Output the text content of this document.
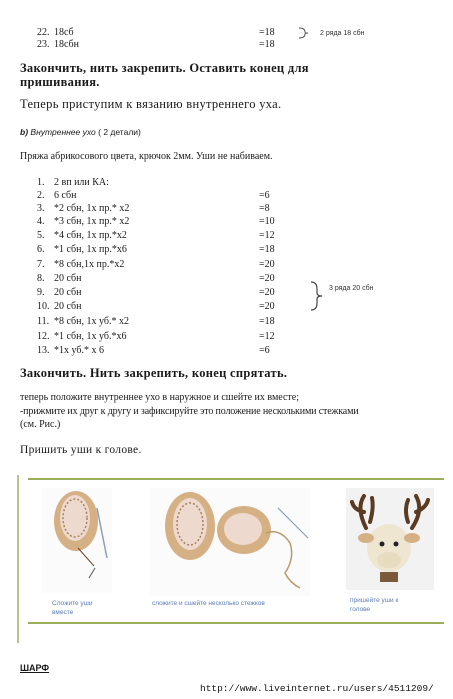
22. 18сб	=18
23. 18сбн	=18
2 ряда 18 сбн
Закончить, нить закрепить. Оставить конец для
пришивания.
Теперь приступим к вязанию внутреннего уха.
b) Внутреннее ухо ( 2 детали)
Пряжа абрикосового цвета, крючок 2мм. Уши не набиваем.
1. 2 вп или КА:
2. 6 сбн	=6
3. *2 сбн, 1х пр.* х2	=8
4. *3 сбн, 1х пр.* х2	=10
5. *4 сбн, 1х пр.*х2	=12
6. *1 сбн, 1х пр.*х6	=18
7. *8 сбн,1х пр.*х2	=20
8. 20 сбн	=20
9. 20 сбн	=20
10. 20 сбн	=20
11. *8 сбн, 1х уб.* х2	=18
12. *1 сбн, 1х уб.*х6	=12
13. *1х уб.* х 6	=6
3 ряда 20 сбн
Закончить. Нить закрепить, конец спрятать.
теперь положите внутреннее ухо в наружное и сшейте их вместе;
-прижмите их друг к другу и зафиксируйте это положение несколькими стежками
(см. Рис.)
Пришить уши к голове.
Сложите уши вместе
сложите и сшейте несколько стежков	пришейте уши к голове
ШАРФ
http://www.liveinternet.ru/users/4511209/
